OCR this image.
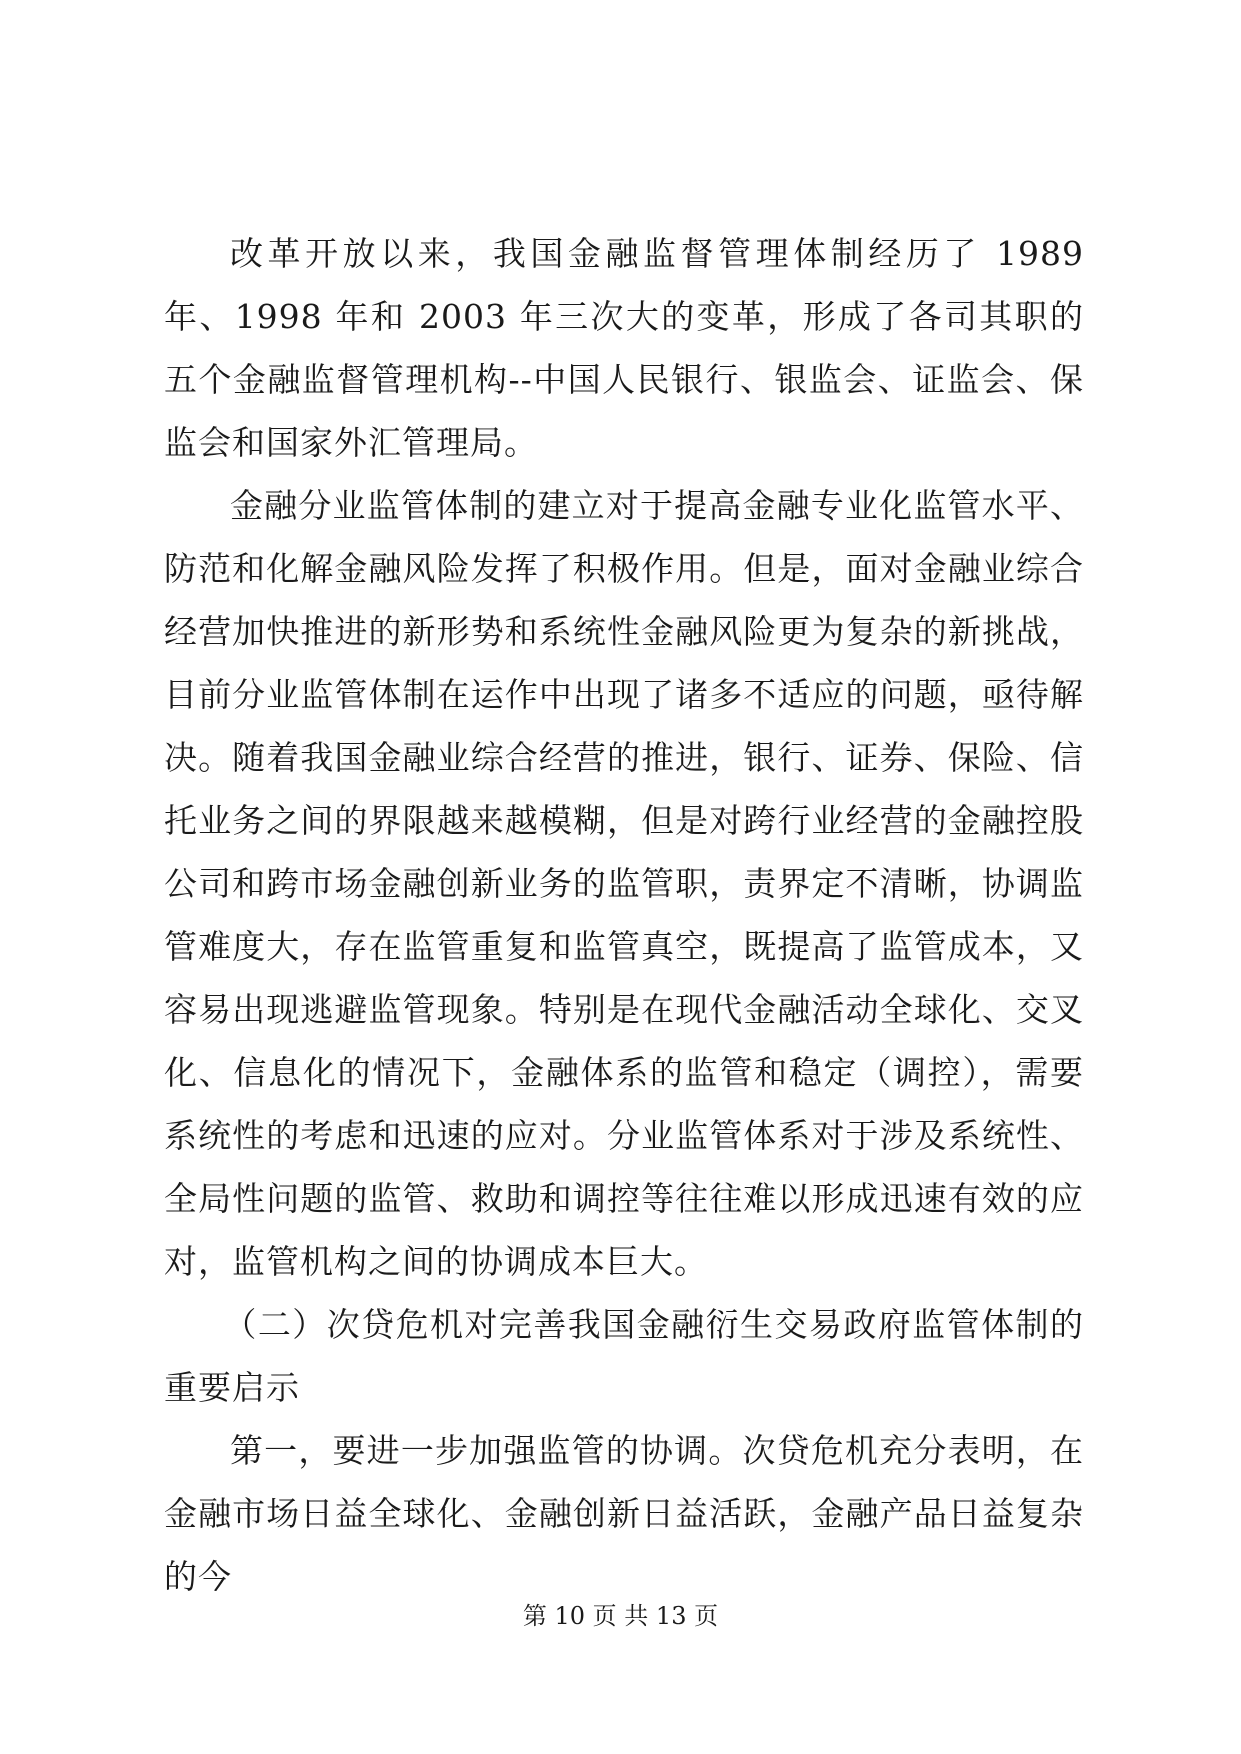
改革开放以来，我国金融监督管理体制经历了 1989 年、1998 年和 2003 年三次大的变革，形成了各司其职的五个金融监督管理机构--中国人民银行、银监会、证监会、保监会和国家外汇管理局。

金融分业监管体制的建立对于提高金融专业化监管水平、防范和化解金融风险发挥了积极作用。但是，面对金融业综合经营加快推进的新形势和系统性金融风险更为复杂的新挑战，目前分业监管体制在运作中出现了诸多不适应的问题，亟待解决。随着我国金融业综合经营的推进，银行、证券、保险、信托业务之间的界限越来越模糊，但是对跨行业经营的金融控股公司和跨市场金融创新业务的监管职，责界定不清晰，协调监管难度大，存在监管重复和监管真空，既提高了监管成本，又容易出现逃避监管现象。特别是在现代金融活动全球化、交叉化、信息化的情况下，金融体系的监管和稳定（调控），需要系统性的考虑和迅速的应对。分业监管体系对于涉及系统性、全局性问题的监管、救助和调控等往往难以形成迅速有效的应对，监管机构之间的协调成本巨大。

（二）次贷危机对完善我国金融衍生交易政府监管体制的重要启示

第一，要进一步加强监管的协调。次贷危机充分表明，在金融市场日益全球化、金融创新日益活跃，金融产品日益复杂的今

第 10 页 共 13 页
